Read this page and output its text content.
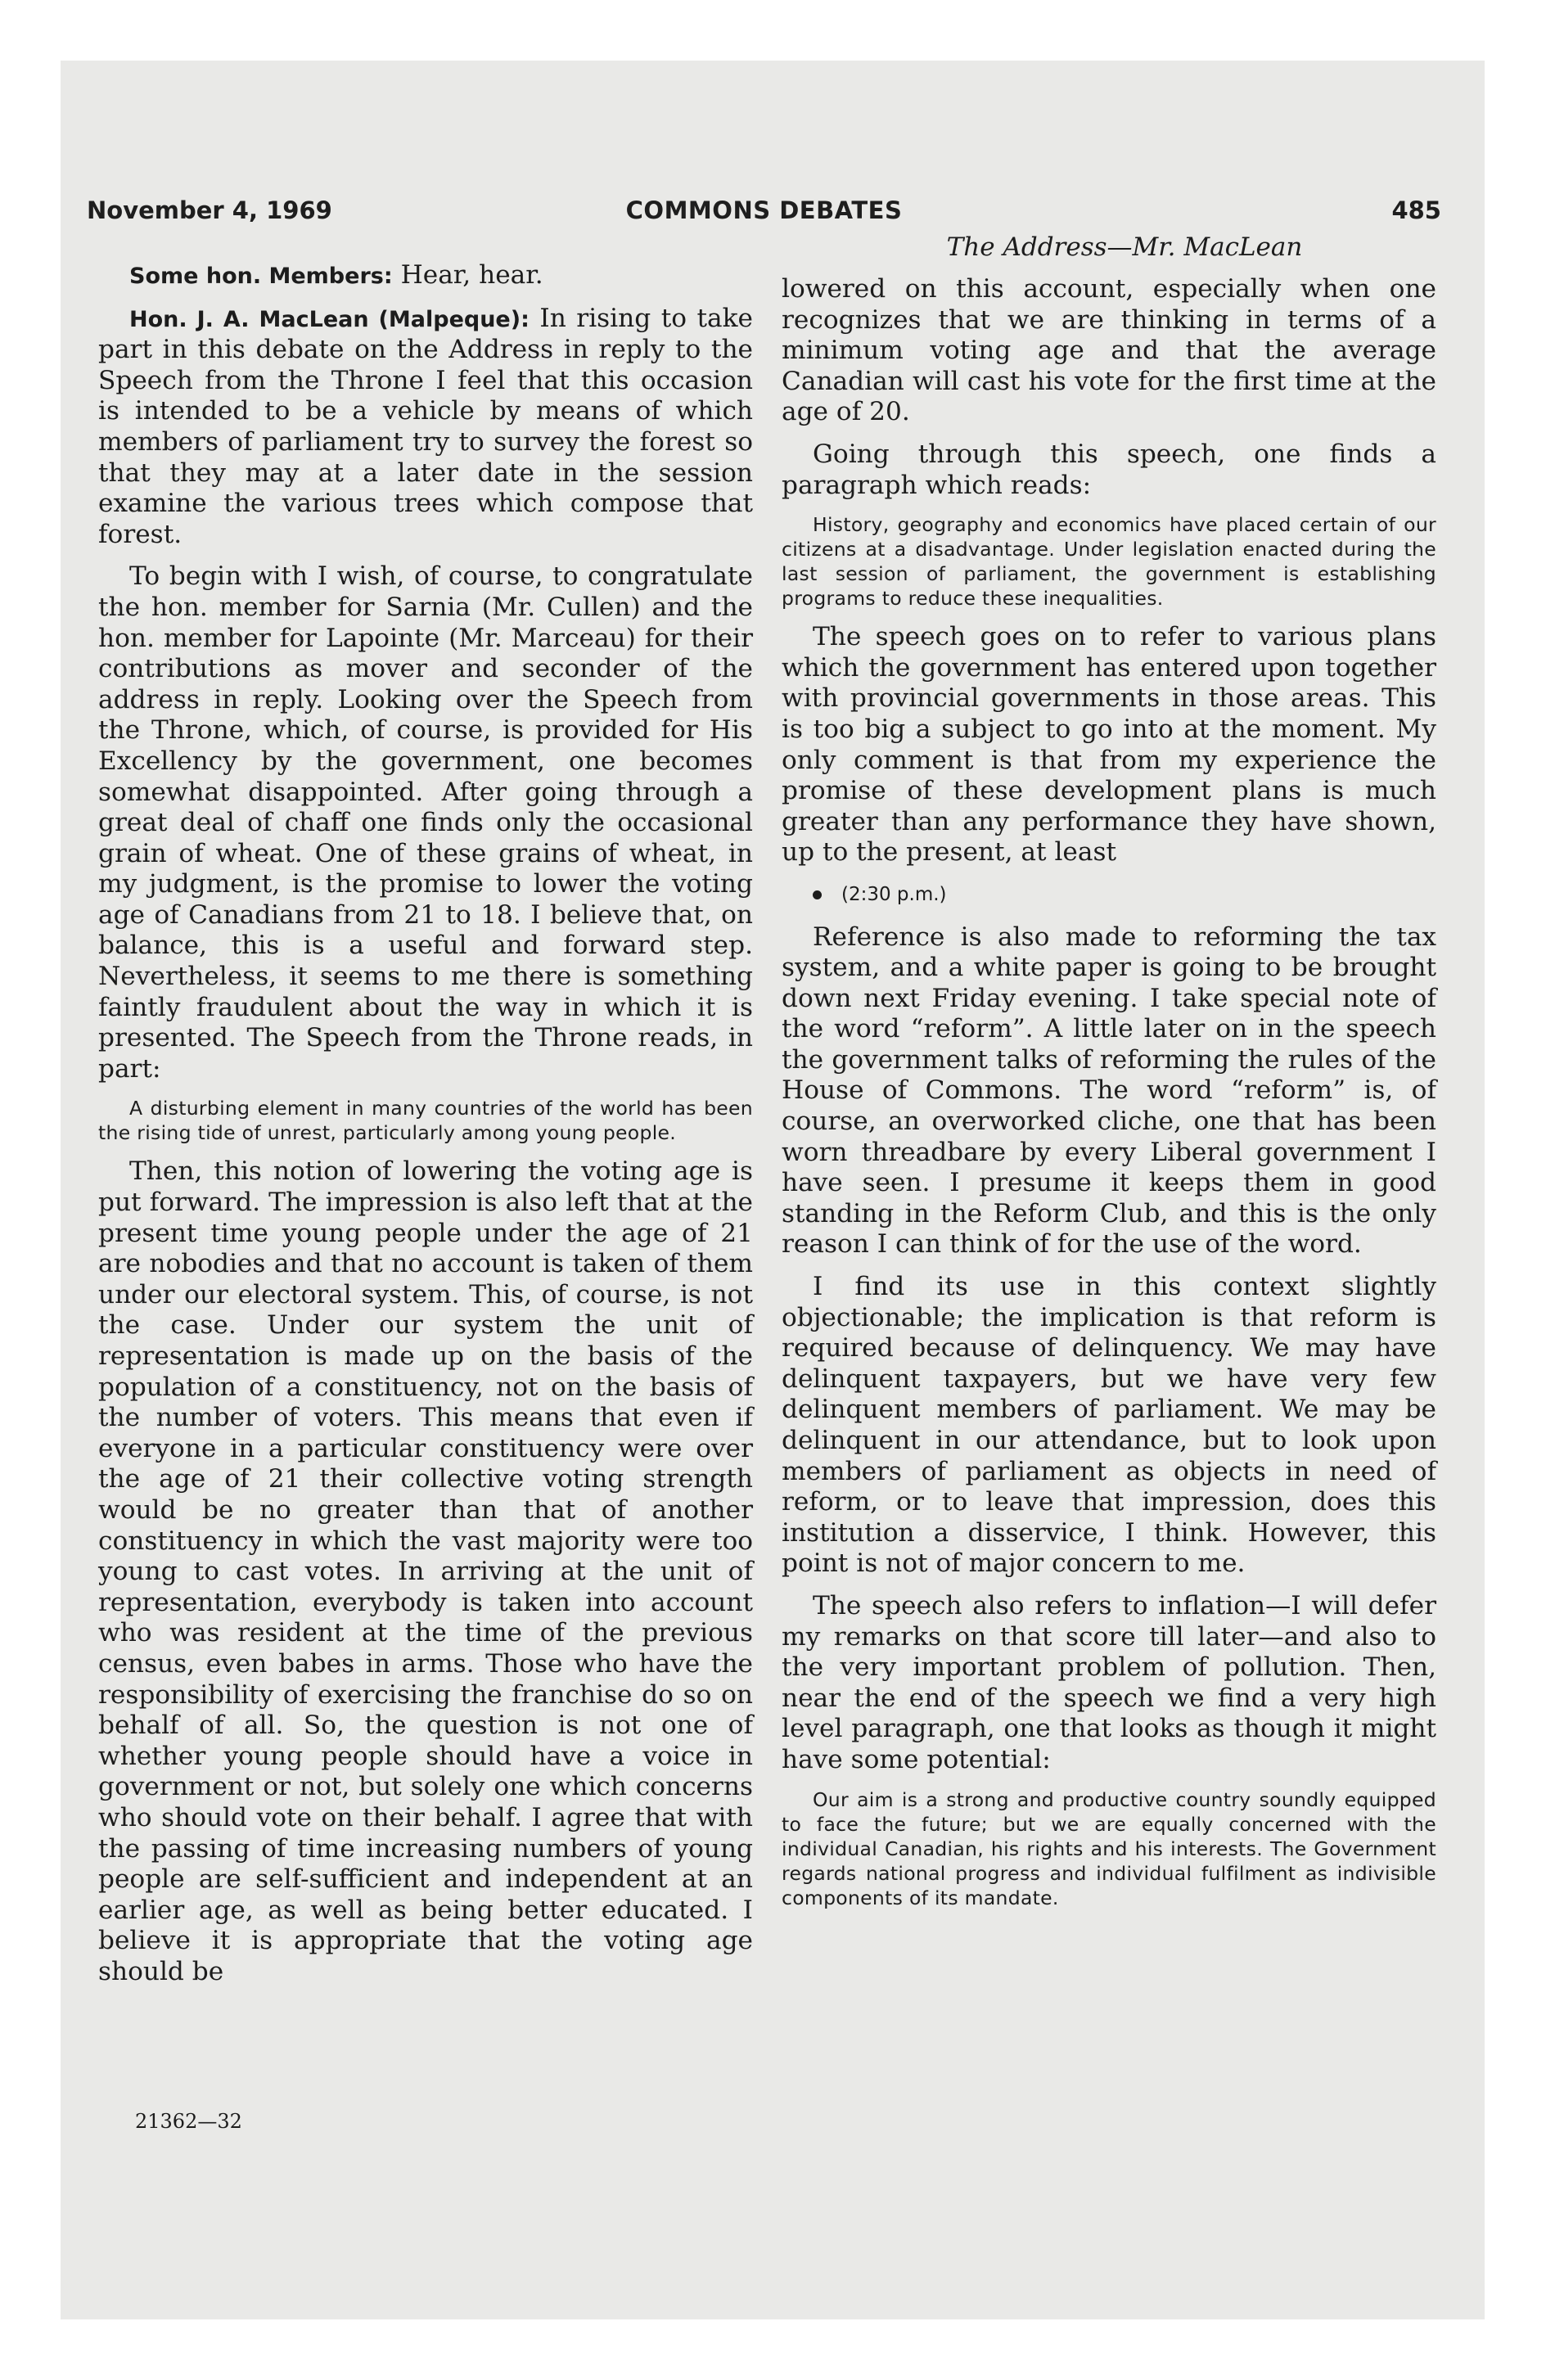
November 4, 1969	COMMONS DEBATES	485

Some hon. Members: Hear, hear.

Hon. J. A. MacLean (Malpeque): In rising to take part in this debate on the Address in reply to the Speech from the Throne I feel that this occasion is intended to be a vehicle by means of which members of parliament try to survey the forest so that they may at a later date in the session examine the various trees which compose that forest.

To begin with I wish, of course, to congratulate the hon. member for Sarnia (Mr. Cullen) and the hon. member for Lapointe (Mr. Marceau) for their contributions as mover and seconder of the address in reply. Looking over the Speech from the Throne, which, of course, is provided for His Excellency by the government, one becomes somewhat disappointed. After going through a great deal of chaff one finds only the occasional grain of wheat. One of these grains of wheat, in my judgment, is the promise to lower the voting age of Canadians from 21 to 18. I believe that, on balance, this is a useful and forward step. Nevertheless, it seems to me there is something faintly fraudulent about the way in which it is presented. The Speech from the Throne reads, in part:

A disturbing element in many countries of the world has been the rising tide of unrest, particularly among young people.

Then, this notion of lowering the voting age is put forward. The impression is also left that at the present time young people under the age of 21 are nobodies and that no account is taken of them under our electoral system. This, of course, is not the case. Under our system the unit of representation is made up on the basis of the population of a constituency, not on the basis of the number of voters. This means that even if everyone in a particular constituency were over the age of 21 their collective voting strength would be no greater than that of another constituency in which the vast majority were too young to cast votes. In arriving at the unit of representation, everybody is taken into account who was resident at the time of the previous census, even babes in arms. Those who have the responsibility of exercising the franchise do so on behalf of all. So, the question is not one of whether young people should have a voice in government or not, but solely one which concerns who should vote on their behalf. I agree that with the passing of time increasing numbers of young people are self-sufficient and independent at an earlier age, as well as being better educated. I believe it is appropriate that the voting age should be

21362—32

The Address—Mr. MacLean

lowered on this account, especially when one recognizes that we are thinking in terms of a minimum voting age and that the average Canadian will cast his vote for the first time at the age of 20.

Going through this speech, one finds a paragraph which reads:

History, geography and economics have placed certain of our citizens at a disadvantage. Under legislation enacted during the last session of parliament, the government is establishing programs to reduce these inequalities.

The speech goes on to refer to various plans which the government has entered upon together with provincial governments in those areas. This is too big a subject to go into at the moment. My only comment is that from my experience the promise of these development plans is much greater than any performance they have shown, up to the present, at least

(2:30 p.m.)

Reference is also made to reforming the tax system, and a white paper is going to be brought down next Friday evening. I take special note of the word “reform”. A little later on in the speech the government talks of reforming the rules of the House of Commons. The word “reform” is, of course, an overworked cliche, one that has been worn threadbare by every Liberal government I have seen. I presume it keeps them in good standing in the Reform Club, and this is the only reason I can think of for the use of the word.

I find its use in this context slightly objectionable; the implication is that reform is required because of delinquency. We may have delinquent taxpayers, but we have very few delinquent members of parliament. We may be delinquent in our attendance, but to look upon members of parliament as objects in need of reform, or to leave that impression, does this institution a disservice, I think. However, this point is not of major concern to me.

The speech also refers to inflation—I will defer my remarks on that score till later—and also to the very important problem of pollution. Then, near the end of the speech we find a very high level paragraph, one that looks as though it might have some potential:

Our aim is a strong and productive country soundly equipped to face the future; but we are equally concerned with the individual Canadian, his rights and his interests. The Government regards national progress and individual fulfilment as indivisible components of its mandate.
